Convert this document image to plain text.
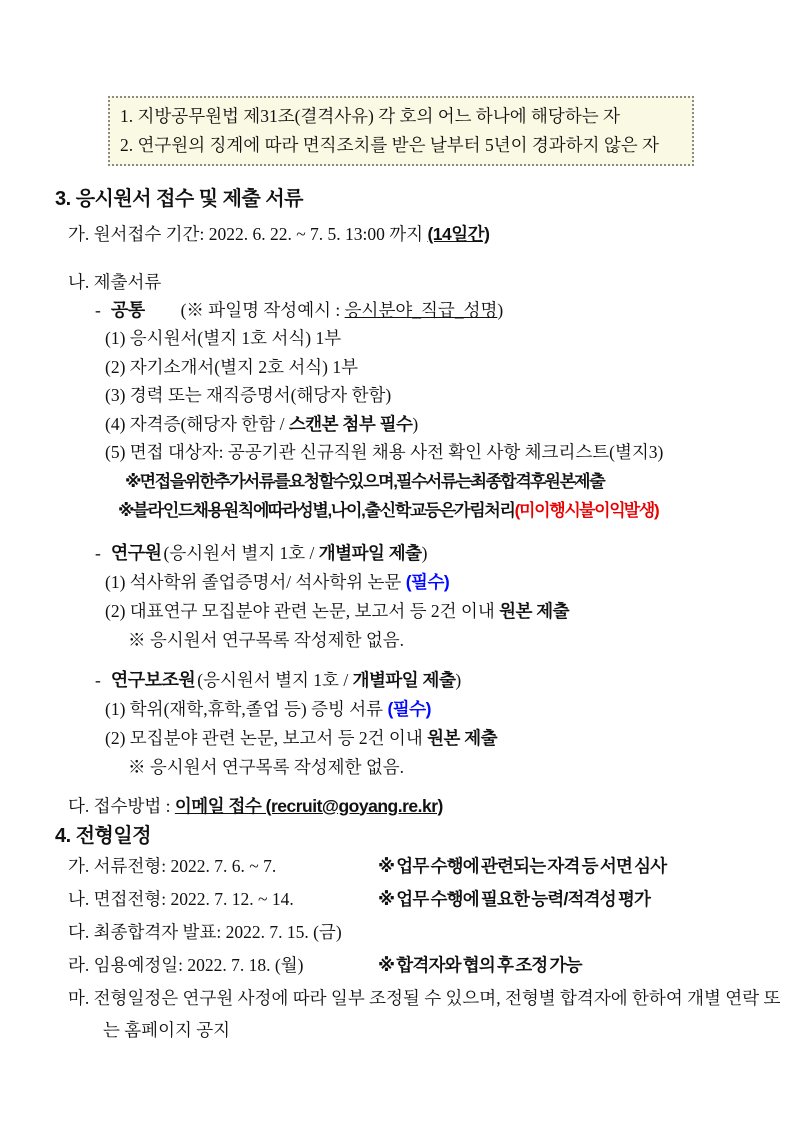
1. 지방공무원법 제31조(결격사유) 각 호의 어느 하나에 해당하는 자
2. 연구원의 징계에 따라 면직조치를 받은 날부터 5년이 경과하지 않은 자
3. 응시원서 접수 및 제출 서류
가. 원서접수 기간: 2022. 6. 22. ~ 7. 5. 13:00 까지 (14일간)
나. 제출서류
- 공통 (※ 파일명 작성예시 : 응시분야_직급_성명)
(1) 응시원서(별지 1호 서식) 1부
(2) 자기소개서(별지 2호 서식) 1부
(3) 경력 또는 재직증명서(해당자 한함)
(4) 자격증(해당자 한함 / 스캔본 첨부 필수)
(5) 면접 대상자: 공공기관 신규직원 채용 사전 확인 사항 체크리스트(별지3)
※ 면접을 위한 추가 서류를 요청할 수 있으며, 필수 서류는 최종 합격 후 원본 제출
※ 블라인드 채용원칙에 따라 성별,나이,출신학교 등은 가림처리(미이행시 불이익 발생)
- 연구원 (응시원서 별지 1호 / 개별파일 제출)
(1) 석사학위 졸업증명서/ 석사학위 논문 (필수)
(2) 대표연구 모집분야 관련 논문, 보고서 등 2건 이내 원본 제출
※ 응시원서 연구목록 작성제한 없음.
- 연구보조원 (응시원서 별지 1호 / 개별파일 제출)
(1) 학위(재학,휴학,졸업 등) 증빙 서류 (필수)
(2) 모집분야 관련 논문, 보고서 등 2건 이내 원본 제출
※ 응시원서 연구목록 작성제한 없음.
다. 접수방법 : 이메일 접수 (recruit@goyang.re.kr)
4. 전형일정
가. 서류전형: 2022. 7. 6. ~ 7.	※ 업무 수행에 관련되는 자격 등 서면 심사
나. 면접전형: 2022. 7. 12. ~ 14.	※ 업무 수행에 필요한 능력/적격성 평가
다. 최종합격자 발표: 2022. 7. 15. (금)
라. 임용예정일: 2022. 7. 18. (월)	※ 합격자와 협의 후 조정 가능
마. 전형일정은 연구원 사정에 따라 일부 조정될 수 있으며, 전형별 합격자에 한하여 개별 연락 또는 홈페이지 공지
